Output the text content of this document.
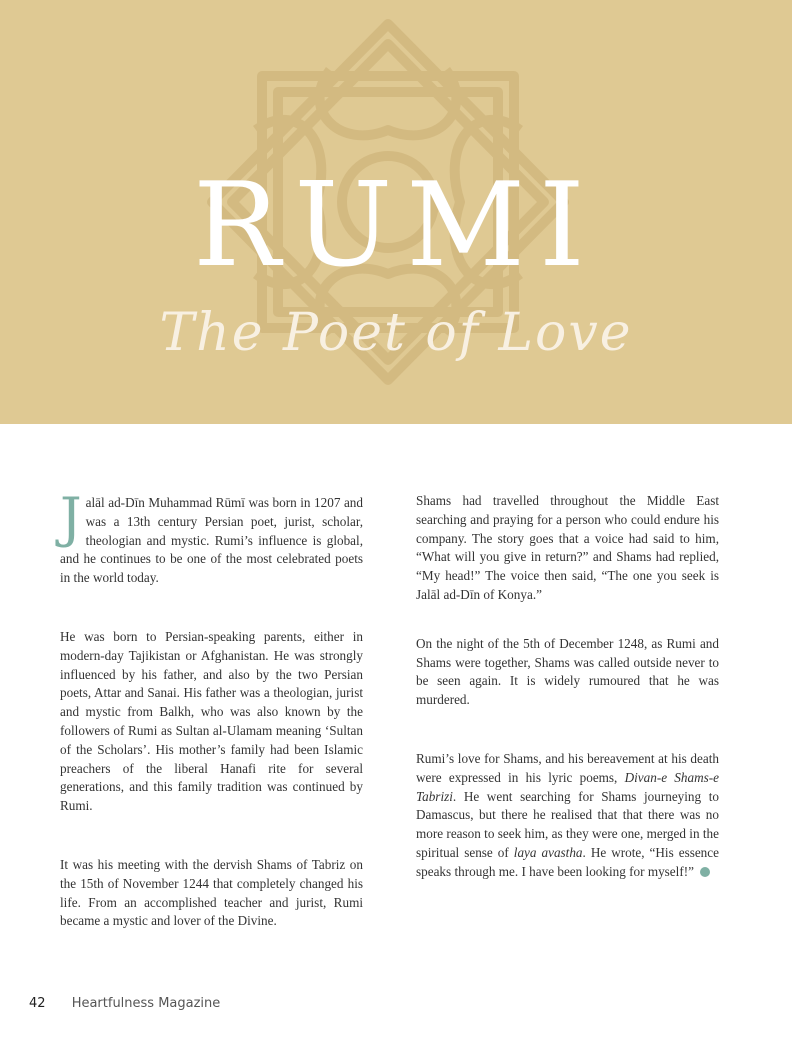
RUMI
The Poet of Love

Jalāl ad-Dīn Muhammad Rūmī was born in 1207 and was a 13th century Persian poet, jurist, scholar, theologian and mystic. Rumi’s influence is global, and he continues to be one of the most celebrated poets in the world today.

He was born to Persian-speaking parents, either in modern-day Tajikistan or Afghanistan. He was strongly influenced by his father, and also by the two Persian poets, Attar and Sanai. His father was a theologian, jurist and mystic from Balkh, who was also known by the followers of Rumi as Sultan al-Ulamam meaning ‘Sultan of the Scholars’. His mother’s family had been Islamic preachers of the liberal Hanafi rite for several generations, and this family tradition was continued by Rumi.

It was his meeting with the dervish Shams of Tabriz on the 15th of November 1244 that completely changed his life. From an accomplished teacher and jurist, Rumi became a mystic and lover of the Divine.

Shams had travelled throughout the Middle East searching and praying for a person who could endure his company. The story goes that a voice had said to him, “What will you give in return?” and Shams had replied, “My head!” The voice then said, “The one you seek is Jalāl ad-Dīn of Konya.”

On the night of the 5th of December 1248, as Rumi and Shams were together, Shams was called outside never to be seen again. It is widely rumoured that he was murdered.

Rumi’s love for Shams, and his bereavement at his death were expressed in his lyric poems, Divan-e Shams-e Tabrizi. He went searching for Shams journeying to Damascus, but there he realised that that there was no more reason to seek him, as they were one, merged in the spiritual sense of laya avastha. He wrote, “His essence speaks through me. I have been looking for myself!”

42 Heartfulness Magazine
